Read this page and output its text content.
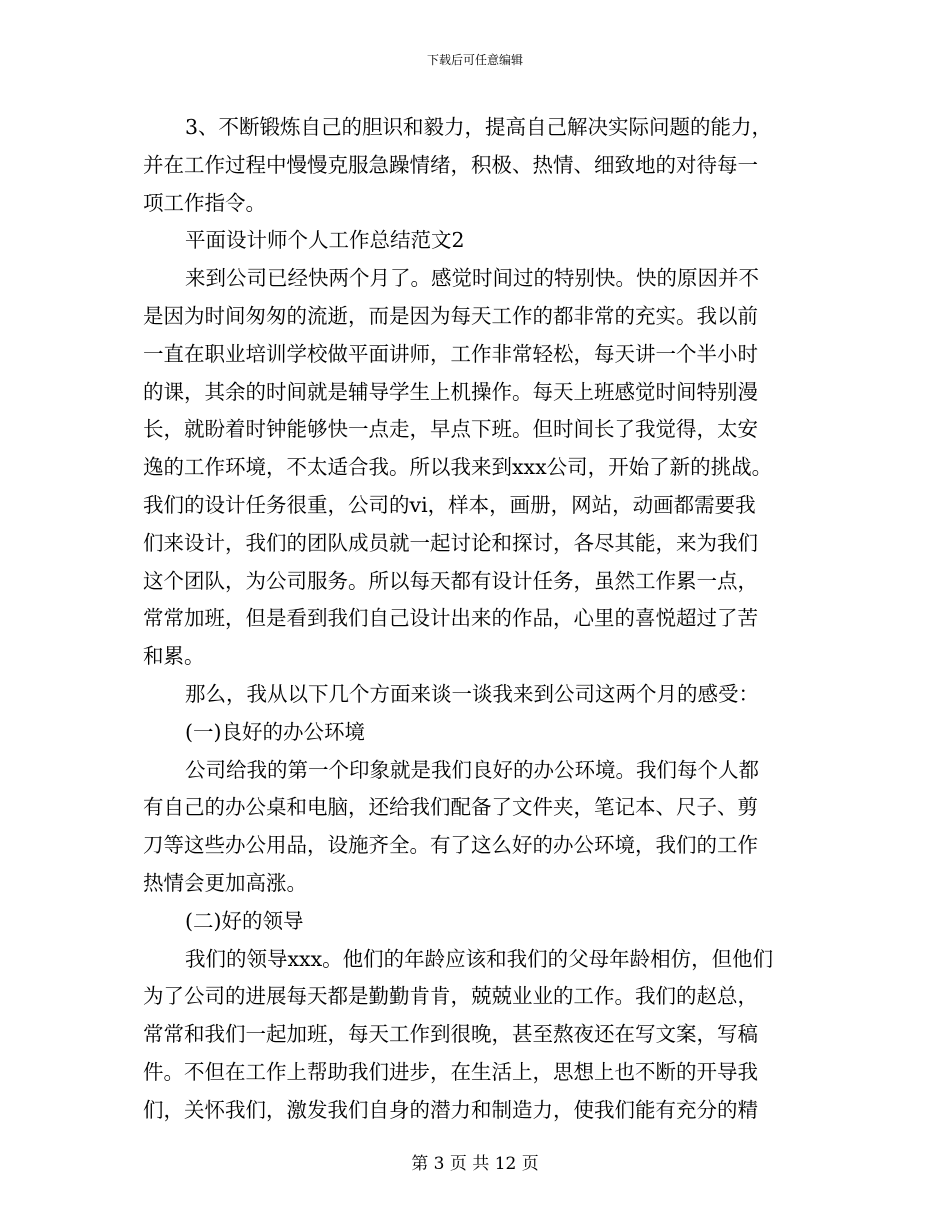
下载后可任意编辑
3、不断锻炼自己的胆识和毅力，提高自己解决实际问题的能力，
并在工作过程中慢慢克服急躁情绪，积极、热情、细致地的对待每一
项工作指令。
平面设计师个人工作总结范文2
来到公司已经快两个月了。感觉时间过的特别快。快的原因并不
是因为时间匆匆的流逝，而是因为每天工作的都非常的充实。我以前
一直在职业培训学校做平面讲师，工作非常轻松，每天讲一个半小时
的课，其余的时间就是辅导学生上机操作。每天上班感觉时间特别漫
长，就盼着时钟能够快一点走，早点下班。但时间长了我觉得，太安
逸的工作环境，不太适合我。所以我来到xxx公司，开始了新的挑战。
我们的设计任务很重，公司的vi，样本，画册，网站，动画都需要我
们来设计，我们的团队成员就一起讨论和探讨，各尽其能，来为我们
这个团队，为公司服务。所以每天都有设计任务，虽然工作累一点，
常常加班，但是看到我们自己设计出来的作品，心里的喜悦超过了苦
和累。
那么，我从以下几个方面来谈一谈我来到公司这两个月的感受：
(一)良好的办公环境
公司给我的第一个印象就是我们良好的办公环境。我们每个人都
有自己的办公桌和电脑，还给我们配备了文件夹，笔记本、尺子、剪
刀等这些办公用品，设施齐全。有了这么好的办公环境，我们的工作
热情会更加高涨。
(二)好的领导
我们的领导xxx。他们的年龄应该和我们的父母年龄相仿，但他们
为了公司的进展每天都是勤勤肯肯，兢兢业业的工作。我们的赵总，
常常和我们一起加班，每天工作到很晚，甚至熬夜还在写文案，写稿
件。不但在工作上帮助我们进步，在生活上，思想上也不断的开导我
们，关怀我们，激发我们自身的潜力和制造力，使我们能有充分的精
第 3 页 共 12 页
